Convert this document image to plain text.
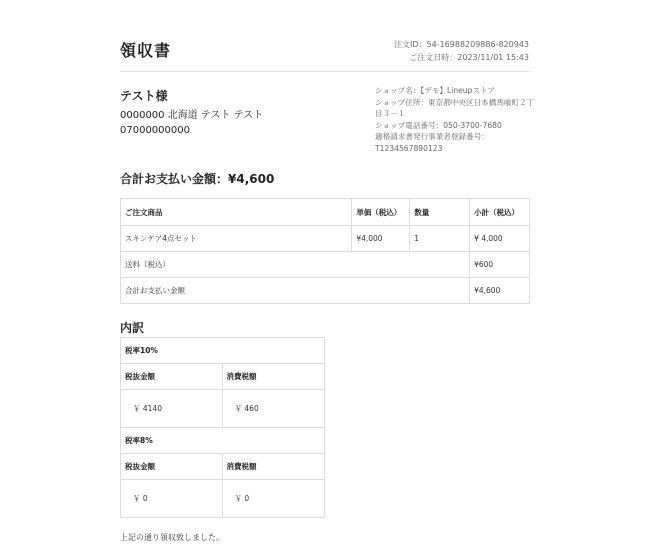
領収書	注文ID：54-16988209886-820943
ご注文日時：2023/11/01 15:43
テスト様
0000000 北海道 テスト テスト
07000000000
ショップ名：【デモ】Lineupストア
ショップ住所：東京都中央区日本橋馬喰町２丁目３－１
ショップ電話番号：050-3700-7680
適格請求書発行事業者登録番号：
T1234567890123
合計お支払い金額：¥4,600
ご注文商品	単価（税込）	数量	小計（税込）
スキンケア4点セット	¥4,000	1	¥ 4,000
送料（税込）			¥600
合計お支払い金額			¥4,600
内訳
税率10%	
税抜金額	消費税額
￥ 4140	￥ 460
税率8%	
税抜金額	消費税額
￥ 0	￥ 0
上記の通り領収致しました。
